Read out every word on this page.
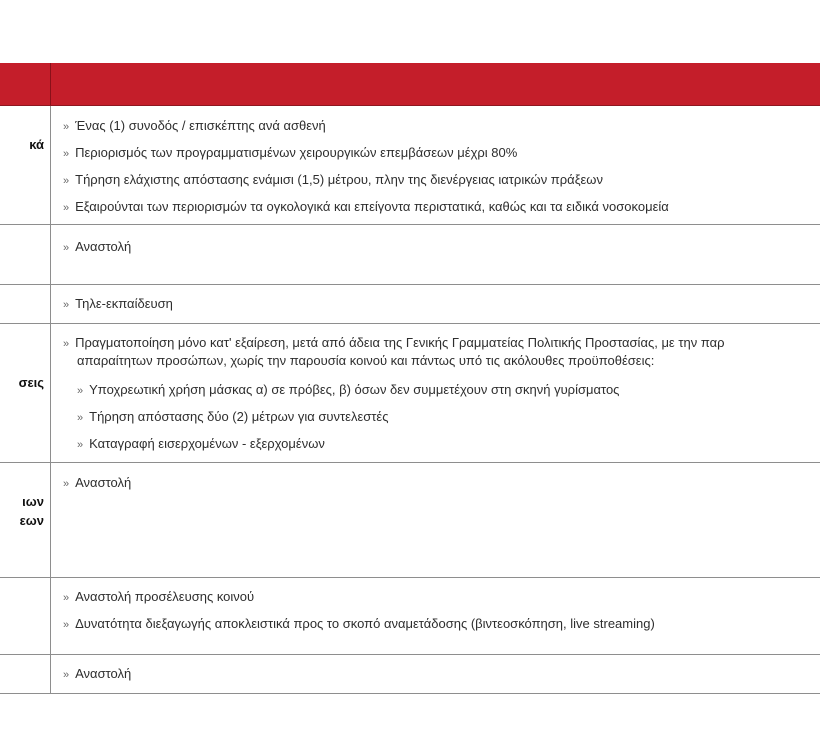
κά
» Ένας (1) συνοδός / επισκέπτης ανά ασθενή
» Περιορισμός των προγραμματισμένων χειρουργικών επεμβάσεων μέχρι 80%
» Τήρηση ελάχιστης απόστασης ενάμισι (1,5) μέτρου, πλην της διενέργειας ιατρικών πράξεων
» Εξαιρούνται των περιορισμών τα ογκολογικά και επείγοντα περιστατικά, καθώς και τα ειδικά νοσοκομεία
» Αναστολή
» Τηλε-εκπαίδευση
σεις
» Πραγματοποίηση μόνο κατ' εξαίρεση, μετά από άδεια της Γενικής Γραμματείας Πολιτικής Προστασίας, με την παρ
απαραίτητων προσώπων, χωρίς την παρουσία κοινού και πάντως υπό τις ακόλουθες προϋποθέσεις:
» Υποχρεωτική χρήση μάσκας α) σε πρόβες, β) όσων δεν συμμετέχουν στη σκηνή γυρίσματος
» Τήρηση απόστασης δύο (2) μέτρων για συντελεστές
» Καταγραφή εισερχομένων - εξερχομένων
ιων
εων
» Αναστολή
» Αναστολή προσέλευσης κοινού
» Δυνατότητα διεξαγωγής αποκλειστικά προς το σκοπό αναμετάδοσης (βιντεοσκόπηση, live streaming)
» Αναστολή
